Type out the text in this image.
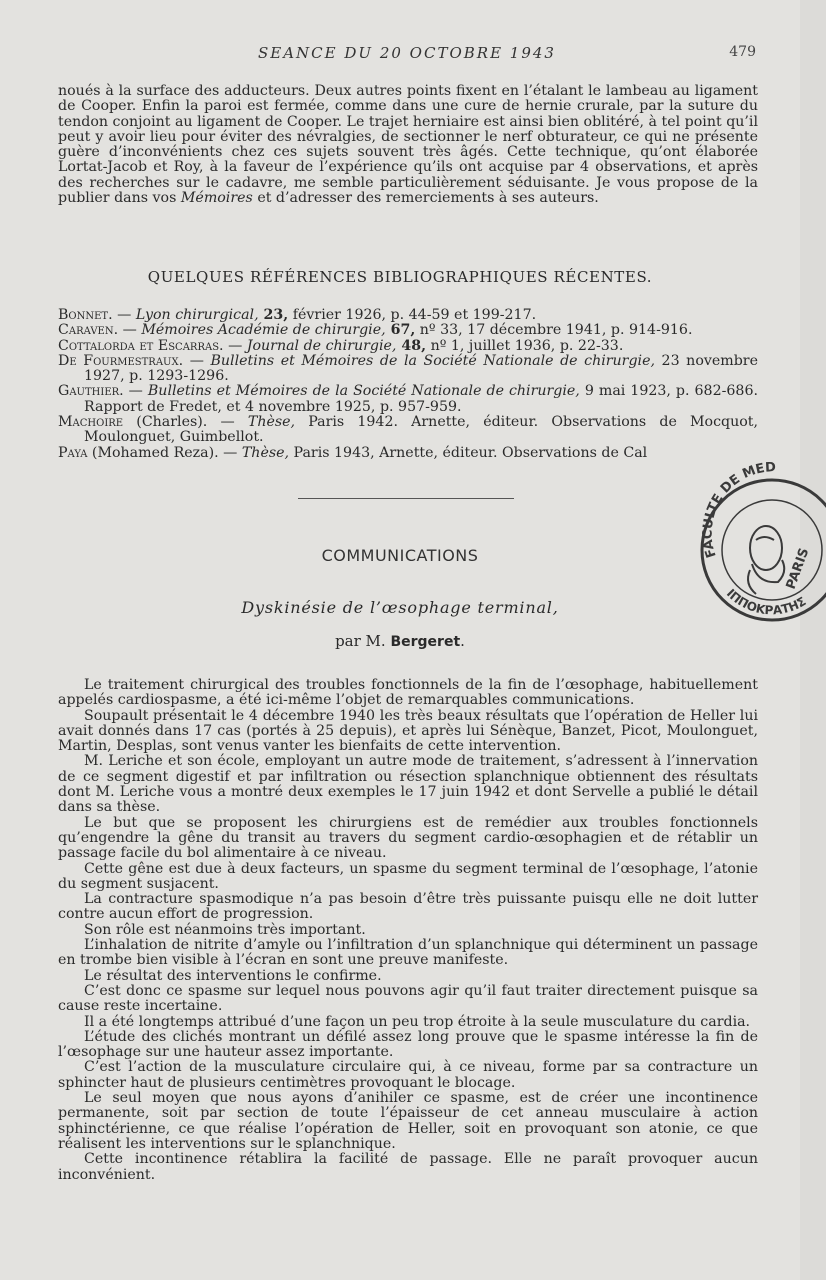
SEANCE DU 20 OCTOBRE 1943	479

noués à la surface des adducteurs. Deux autres points fixent en l’étalant le lambeau au ligament de Cooper. Enfin la paroi est fermée, comme dans une cure de hernie crurale, par la suture du tendon conjoint au ligament de Cooper. Le trajet herniaire est ainsi bien oblitéré, à tel point qu’il peut y avoir lieu pour éviter des névralgies, de sectionner le nerf obturateur, ce qui ne présente guère d’inconvénients chez ces sujets souvent très âgés. Cette technique, qu’ont élaborée Lortat-Jacob et Roy, à la faveur de l’expérience qu’ils ont acquise par 4 observations, et après des recherches sur le cadavre, me semble particulièrement séduisante. Je vous propose de la publier dans vos Mémoires et d’adresser des remerciements à ses auteurs.

QUELQUES RÉFÉRENCES BIBLIOGRAPHIQUES RÉCENTES.

Bonnet. — Lyon chirurgical, 23, février 1926, p. 44-59 et 199-217.

Caraven. — Mémoires Académie de chirurgie, 67, nº 33, 17 décembre 1941, p. 914-916.

Cottalorda et Escarras. — Journal de chirurgie, 48, nº 1, juillet 1936, p. 22-33.

De Fourmestraux. — Bulletins et Mémoires de la Société Nationale de chirurgie, 23 novembre 1927, p. 1293-1296.

Gauthier. — Bulletins et Mémoires de la Société Nationale de chirurgie, 9 mai 1923, p. 682-686. Rapport de Fredet, et 4 novembre 1925, p. 957-959.

Machoire (Charles). — Thèse, Paris 1942. Arnette, éditeur. Observations de Mocquot, Moulonguet, Guimbellot.

Paya (Mohamed Reza). — Thèse, Paris 1943, Arnette, éditeur. Observations de Cal

COMMUNICATIONS
Dyskinésie de l’œsophage terminal,
par M. Bergeret.

Le traitement chirurgical des troubles fonctionnels de la fin de l’œsophage, habituellement appelés cardiospasme, a été ici-même l’objet de remarquables communications.

Soupault présentait le 4 décembre 1940 les très beaux résultats que l’opération de Heller lui avait donnés dans 17 cas (portés à 25 depuis), et après lui Sénèque, Banzet, Picot, Moulonguet, Martin, Desplas, sont venus vanter les bienfaits de cette intervention.

M. Leriche et son école, employant un autre mode de traitement, s’adressent à l’innervation de ce segment digestif et par infiltration ou résection splanchnique obtiennent des résultats dont M. Leriche vous a montré deux exemples le 17 juin 1942 et dont Servelle a publié le détail dans sa thèse.

Le but que se proposent les chirurgiens est de remédier aux troubles fonctionnels qu’engendre la gêne du transit au travers du segment cardio-œsophagien et de rétablir un passage facile du bol alimentaire à ce niveau.

Cette gêne est due à deux facteurs, un spasme du segment terminal de l’œsophage, l’atonie du segment susjacent.

La contracture spasmodique n’a pas besoin d’être très puissante puisqu elle ne doit lutter contre aucun effort de progression.

Son rôle est néanmoins très important.

L’inhalation de nitrite d’amyle ou l’infiltration d’un splanchnique qui déterminent un passage en trombe bien visible à l’écran en sont une preuve manifeste.

Le résultat des interventions le confirme.

C’est donc ce spasme sur lequel nous pouvons agir qu’il faut traiter directement puisque sa cause reste incertaine.

Il a été longtemps attribué d’une façon un peu trop étroite à la seule musculature du cardia.

L’étude des clichés montrant un défilé assez long prouve que le spasme intéresse la fin de l’œsophage sur une hauteur assez importante.

C’est l’action de la musculature circulaire qui, à ce niveau, forme par sa contracture un sphincter haut de plusieurs centimètres provoquant le blocage.

Le seul moyen que nous ayons d’anihiler ce spasme, est de créer une incontinence permanente, soit par section de toute l’épaisseur de cet anneau musculaire à action sphinctérienne, ce que réalise l’opération de Heller, soit en provoquant son atonie, ce que réalisent les interventions sur le splanchnique.

Cette incontinence rétablira la facilité de passage. Elle ne paraît provoquer aucun inconvénient.

FACULTE DE MED
ΙΠΠΟΚΡΑΤΗΣ
PARIS
